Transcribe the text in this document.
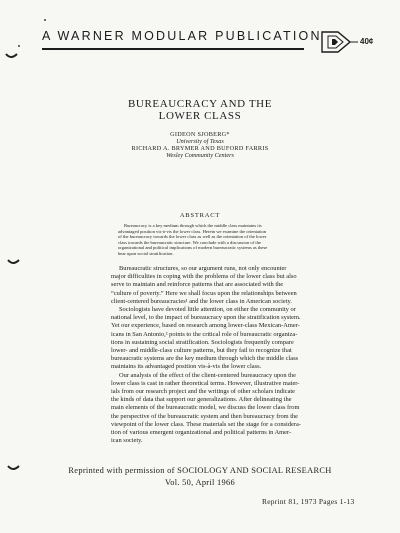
A WARNER MODULAR PUBLICATION	40¢
BUREAUCRACY AND THE
LOWER CLASS
GIDEON SJOBERG*
University of Texas
RICHARD A. BRYMER AND BUFORD FARRIS
Wesley Community Centers
ABSTRACT
Bureaucracy is a key medium through which the middle class maintains its
advantaged position vis-à-vis the lower class. Herein we examine the orientation
of the bureaucracy towards the lower class as well as the orientation of the lower
class towards the bureaucratic structure. We conclude with a discussion of the
organizational and political implications of modern bureaucratic systems as these
bear upon social stratification.
Bureaucratic structures, so our argument runs, not only encounter
major difficulties in coping with the problems of the lower class but also
serve to maintain and reinforce patterns that are associated with the
“culture of poverty.” Here we shall focus upon the relationships between
client-centered bureaucracies¹ and the lower class in American society.
Sociologists have devoted little attention, on either the community or
national level, to the impact of bureaucracy upon the stratification system.
Yet our experience, based on research among lower-class Mexican-Amer-
icans in San Antonio,² points to the critical role of bureaucratic organiza-
tions in sustaining social stratification. Sociologists frequently compare
lower- and middle-class culture patterns, but they fail to recognize that
bureaucratic systems are the key medium through which the middle class
maintains its advantaged position vis-à-vis the lower class.
Our analysis of the effect of the client-centered bureaucracy upon the
lower class is cast in rather theoretical terms. However, illustrative mater-
ials from our research project and the writings of other scholars indicate
the kinds of data that support our generalizations. After delineating the
main elements of the bureaucratic model, we discuss the lower class from
the perspective of the bureaucratic system and then bureaucracy from the
viewpoint of the lower class. These materials set the stage for a considera-
tion of various emergent organizational and political patterns in Amer-
ican society.
Reprinted with permission of SOCIOLOGY AND SOCIAL RESEARCH
Vol. 50, April 1966
Reprint 81, 1973 Pages 1-13
